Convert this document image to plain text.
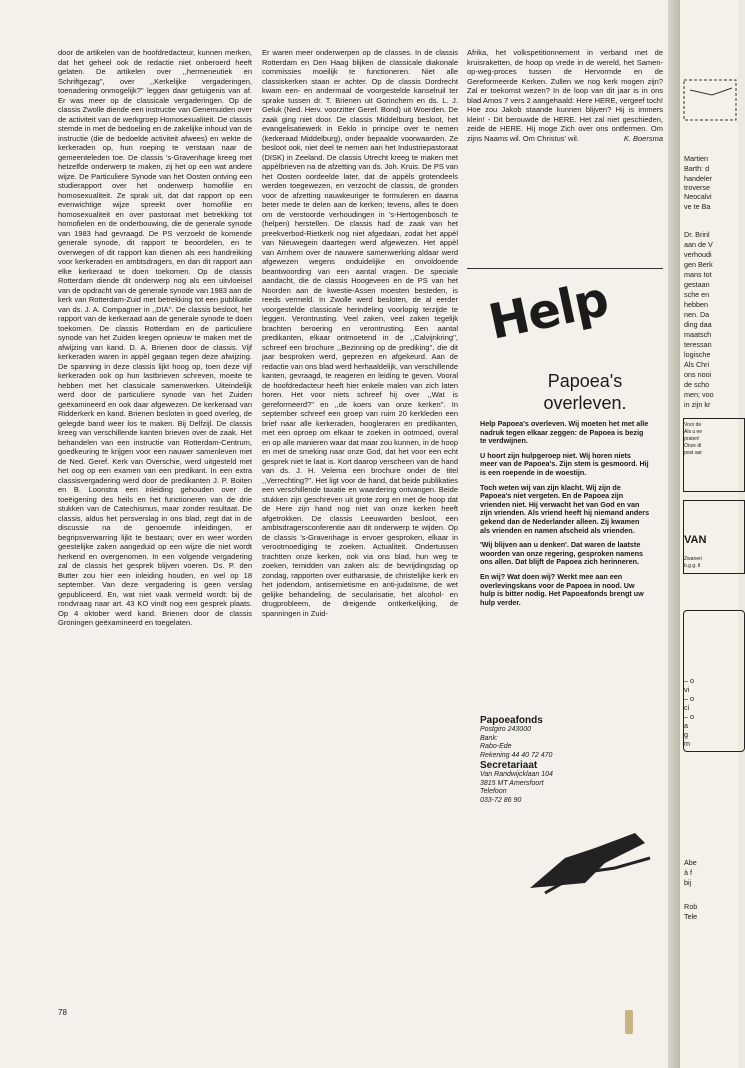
door de artikelen van de hoofdredacteur, kunnen merken, dat het geheel ook de redactie niet onberoerd heeft gelaten. De artikelen over ,,hermeneutiek en Schriftgezag'', over ,,Kerkelijke vergaderingen, toenadering onmogelijk?'' leggen daar getuigenis van af. Er was meer op de classicale vergaderingen. Op de classis Zwolle diende een instructie van Genemuiden over de activiteit van de werkgroep Homosexualiteit. De classis stemde in met de bedoeling en de zakelijke inhoud van de instructie (die de bedoelde activiteit afwees) en wekte de kerkeraden op, hun roeping te verstaan naar de gemeenteleden toe. De classis 's-Gravenhage kreeg met hetzelfde onderwerp te maken, zij het op een wat andere wijze. De Particuliere Synode van het Oosten ontving een studierapport over het onderwerp homofilie en homosexualiteit. Ze sprak uit, dat dat rapport op een evenwichtige wijze spreekt over homofilie en homosexualiteit en over pastoraat met betrekking tot homofielen en de onderbouwing, die de generale synode van 1983 had gevraagd. De PS verzoekt de komende generale synode, dit rapport te beoordelen, en te overwegen of dit rapport kan dienen als een handreiking voor kerkeraden en ambtsdragers, en dan dit rapport aan elke kerkeraad te doen toekomen. Op de classis Rotterdam diende dit onderwerp nog als een uitvloeisel van de opdracht van de generale synode van 1983 aan de kerk van Rotterdam-Zuid met betrekking tot een publikatie van ds. J. A. Compagner in ,,DIA''. De classis besloot, het rapport van de kerkeraad aan de generale synode te doen toekomen. De classis Rotterdam en de particuliere synode van het Zuiden kregen opnieuw te maken met de afwijzing van kand. D. A. Brienen door de classis. Vijf kerkeraden waren in appèl gegaan tegen deze afwijzing. De spanning in deze classis lijkt hoog op, toen deze vijf kerkeraden ook op hun lastbrieven schreven, moeite te hebben met het classicale samenwerken. Uiteindelijk werd door de particuliere synode van het Zuiden geëxamineerd en ook daar afgewezen. De kerkeraad van Ridderkerk en kand. Brienen besloten in goed overleg, de gelegde band weer los te maken. Bij Delfzijl. De classis kreeg van verschillende kanten brieven over de zaak. Het behandelen van een instructie van Rotterdam-Centrum, goedkeuring te krijgen voor een nauwer samenleven met de Ned. Geref. Kerk van Overschie, werd uitgesteld met het oog op een examen van een predikant. In een extra classisvergadering werd door de predikanten J. P. Boiten en B. Loonstra een inleiding gehouden over de toeëigening des heils en het functioneren van de drie stukken van de Catechismus, maar zonder resultaat. De classis, aldus het persverslag in ons blad, zegt dat in de discussie na de genoemde inleidingen, er begripsverwarring lijkt te bestaan; over en weer worden geestelijke zaken aangeduid op een wijze die niet wordt herkend en overgenomen. In een volgende vergadering zal de classis het gesprek blijven voeren. Ds. P. den Butter zou hier een inleiding houden, en wel op 18 september. Van deze vergadering is geen verslag gepubliceerd. En, wat niet vaak vermeld wordt: bij de rondvraag naar art. 43 KO vindt nog een gesprek plaats. Op 4 oktober werd kand. Brienen door de classis Groningen geëxamineerd en toegelaten.

Er waren meer onderwerpen op de classes. In de classis Rotterdam en Den Haag blijken de classicale diakonale commissies moeilijk te functioneren. Niet alle classiskerken staan er achter. Op de classis Dordrecht kwam een- en andermaal de voorgestelde kanselruil ter sprake tussen dr. T. Brienen uit Gorinchem en ds. L. J. Geluk (Ned. Herv. voorzitter Geref. Bond) uit Woerden. De zaak ging niet door. De classis Middelburg besloot, het evangelisatiewerk in Eeklo in principe over te nemen (kerkeraad Middelburg), onder bepaalde voorwaarden. Ze besloot ook, niet deel te nemen aan het Industriepastoraat (DISK) in Zeeland. De classis Utrecht kreeg te maken met appèlbrieven na de afzetting van ds. Joh. Kruis. De PS van het Oosten oordeelde later, dat de appèls grotendeels werden toegewezen, en verzocht de classis, de gronden voor de afzetting nauwkeuriger te formuleren en daarna beter mede te delen aan de kerken; tevens, alles te doen om de verstoorde verhoudingen in 's-Hertogenbosch te (helpen) herstellen. De classis had de zaak van het preekverbod-Rietkerk nog niet afgedaan, zodat het appèl van Nieuwegein daartegen werd afgewezen. Het appèl van Arnhem over de nauwere samenwerking aldaar werd afgewezen wegens onduidelijke en onvoldoende beantwoording van een aantal vragen. De speciale aandacht, die de classis Hoogeveen en de PS van het Noorden aan de kwestie-Assen moesten besteden, is reeds vermeld. In Zwolle werd besloten, de al eerder voorgestelde classicale herindeling voorlopig terzijde te leggen. Verontrusting. Veel zaken, veel zaken tegelijk brachten beroering en verontrusting. Een aantal predikanten, elkaar ontmoetend in de ,,Calvijnkring'', schreef een brochure ,,Bezinning op de prediking'', die dit jaar besproken werd, geprezen en afgekeurd. Aan de redactie van ons blad werd herhaaldelijk, van verschillende kanten, gevraagd, te reageren en leiding te geven. Vooral de hoofdredacteur heeft hier enkele malen van zich laten horen. Het voor niets schreef hij over ,,Wat is gereformeerd?'' en ,,de koers van onze kerken''. In september schreef een groep van ruim 20 kerkleden een brief naar alle kerkeraden, hoogleraren en predikanten, met een oproep om elkaar te zoeken in ootmoed, overal en op alle manieren waar dat maar zou kunnen, in de hoop en met de smeking naar onze God, dat het voor een echt gesprek niet te laat is. Kort daarop verscheen van de hand van ds. J. H. Velema een brochure onder de titel ,,Verrechting?''. Het ligt voor de hand, dat beide publikaties een verschillende taxatie en waardering ontvangen. Beide stukken zijn geschreven uit grote zorg en met de hoop dat de Here zijn hand nog niet van onze kerken heeft afgetrokken. De classis Leeuwarden besloot, een ambtsdragersconferentie aan dit onderwerp te wijden. Op de classis 's-Gravenhage is ervoer gesproken, elkaar in verootmoediging te zoeken. Actualiteit. Ondertussen trachtten onze kerken, ook via ons blad, hun weg te zoeken, temidden van zaken als: de bevrijdingsdag op zondag, rapporten over euthanasie, de christelijke kerk en het jodendom, antisemietisme en anti-judaïsme, de wet gelijke behandeling, de secularisatie, het alcohol- en drugprobleem, de dreigende ontkerkelijking, de spanningen in Zuid-

Afrika, het volkspetitionnement in verband met de kruisraketten, de hoop op vrede in de wereld, het Samen-op-weg-proces tussen de Hervormde en de Gereformeerde Kerken. Zullen we nog kerk mogen zijn? Zal er toekomst wezen? In de loop van dit jaar is in ons blad Amos 7 vers 2 aangehaald: Here HERE, vergeef toch! Hoe zou Jakob staande kunnen blijven? Hij is immers klein! - Dit berouwde de HERE. Het zal niet geschieden, zeide de HERE. Hij moge Zich over ons ontfermen. Om zijns Naams wil. Om Christus' wil.	K. Boersma

Help
Papoea's
overleven.

Help Papoea's overleven. Wij moeten het met alle nadruk tegen elkaar zeggen: de Papoea is bezig te verdwijnen.

U hoort zijn hulpgeroep niet. Wij horen niets meer van de Papoea's. Zijn stem is gesmoord. Hij is een roepende in de woestijn.

Toch weten wij van zijn klacht. Wij zijn de Papoea's niet vergeten. En de Papoea zijn vrienden niet. Hij verwacht het van God en van zijn vrienden. Als vriend heeft hij niemand anders gekend dan de Nederlander alleen. Zij kwamen als vrienden en namen afscheid als vrienden.

'Wij blijven aan u denken'. Dat waren de laatste woorden van onze regering, gesproken namens ons allen. Dat blijft de Papoea zich herinneren.

En wij? Wat doen wij? Werkt mee aan een overlevingskans voor de Papoea in nood. Uw hulp is bitter nodig. Het Papoeafonds brengt uw hulp verder.

Papoeafonds

Postgiro 243000
Bank:
Rabo-Ede
Rekening 44 40 72 470

Secretariaat

Van Randwijcklaan 104
3815 MT Amersfoort
Telefoon
033-72 86 90

78
Martien
Barth: d
handeler
troverse
Neocalvi
ve te Ba
Dr. Brinl
aan de V
verhoudi
gen Berk
mans tot
gestaan
sche en
hebben
nen. Da
ding daa
maatsch
teressan
logische
Als Chri
ons nooi
de scho
men; voo
in zijn kr
Voor de
Als u ee
praten!
Onze di
post aar
VAN
Zwaneri
b.g.g. tl
– o
vi
– o
ci
– o
a
g
m
Abe
à f
bij
Rob
Tele
